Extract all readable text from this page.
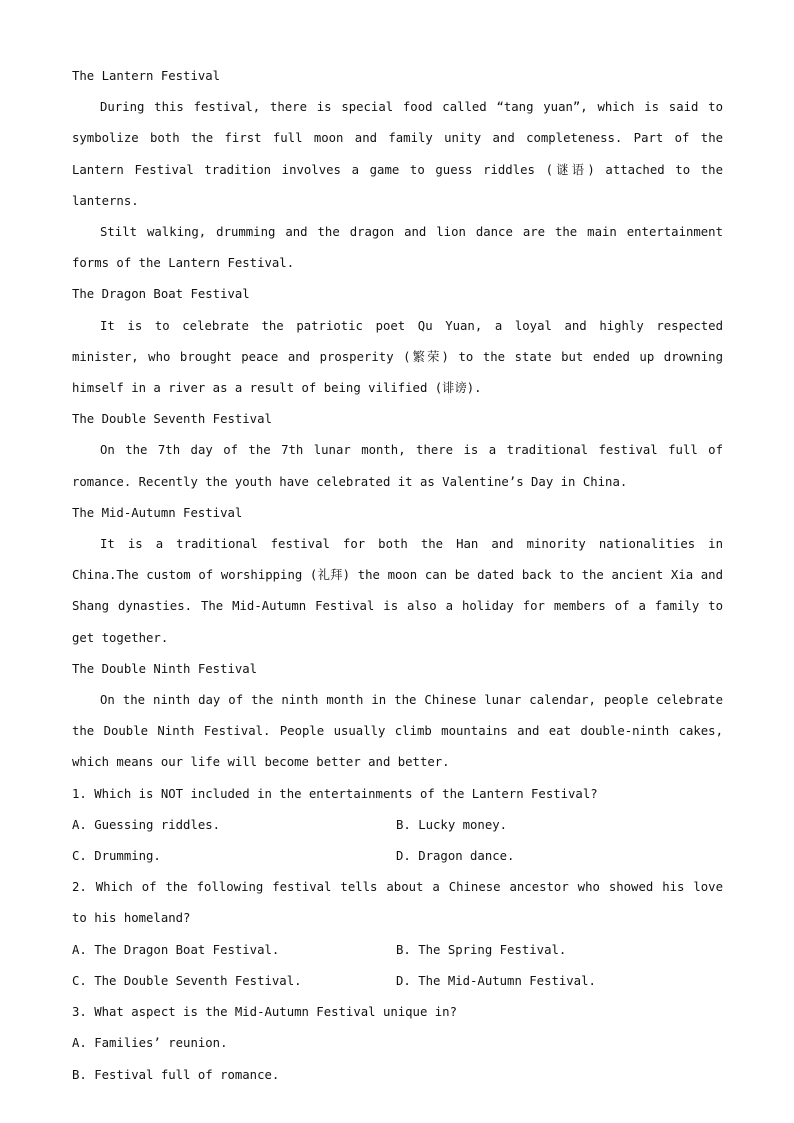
The Lantern Festival
During this festival, there is special food called “tang yuan”, which is said to symbolize both the first full moon and family unity and completeness. Part of the Lantern Festival tradition involves a game to guess riddles (谜语) attached to the lanterns.
Stilt walking, drumming and the dragon and lion dance are the main entertainment forms of the Lantern Festival.
The Dragon Boat Festival
It is to celebrate the patriotic poet Qu Yuan, a loyal and highly respected minister, who brought peace and prosperity (繁荣) to the state but ended up drowning himself in a river as a result of being vilified (诽谤).
The Double Seventh Festival
On the 7th day of the 7th lunar month, there is a traditional festival full of romance. Recently the youth have celebrated it as Valentine’s Day in China.
The Mid-Autumn Festival
It is a traditional festival for both the Han and minority nationalities in China.The custom of worshipping (礼拜) the moon can be dated back to the ancient Xia and Shang dynasties. The Mid-Autumn Festival is also a holiday for members of a family to get together.
The Double Ninth Festival
On the ninth day of the ninth month in the Chinese lunar calendar, people celebrate the Double Ninth Festival. People usually climb mountains and eat double-ninth cakes, which means our life will become better and better.
1. Which is NOT included in the entertainments of the Lantern Festival?
A. Guessing riddles.	B. Lucky money.
C. Drumming.	D. Dragon dance.
2. Which of the following festival tells about a Chinese ancestor who showed his love to his homeland?
A. The Dragon Boat Festival.	B. The Spring Festival.
C. The Double Seventh Festival.	D. The Mid-Autumn Festival.
3. What aspect is the Mid-Autumn Festival unique in?
A. Families’ reunion.
B. Festival full of romance.
